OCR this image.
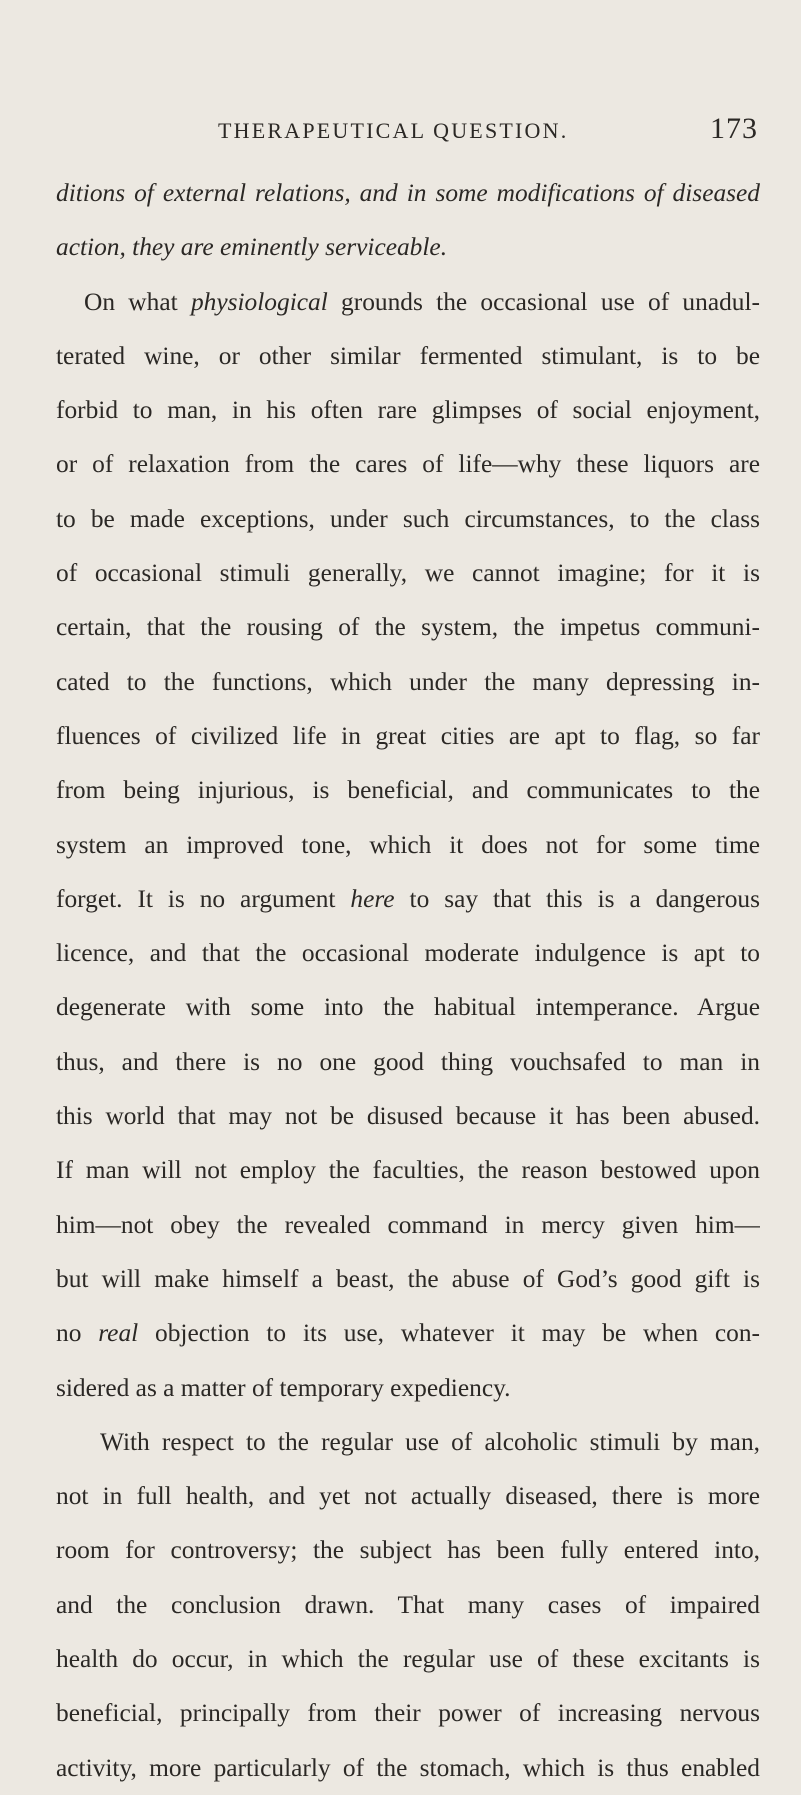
THERAPEUTICAL QUESTION.	173
ditions of external relations, and in some modifications of diseased
action, they are eminently serviceable.
On what physiological grounds the occasional use of unadul-
terated wine, or other similar fermented stimulant, is to be
forbid to man, in his often rare glimpses of social enjoyment,
or of relaxation from the cares of life—why these liquors are
to be made exceptions, under such circumstances, to the class
of occasional stimuli generally, we cannot imagine; for it is
certain, that the rousing of the system, the impetus communi-
cated to the functions, which under the many depressing in-
fluences of civilized life in great cities are apt to flag, so far
from being injurious, is beneficial, and communicates to the
system an improved tone, which it does not for some time
forget. It is no argument here to say that this is a dangerous
licence, and that the occasional moderate indulgence is apt to
degenerate with some into the habitual intemperance. Argue
thus, and there is no one good thing vouchsafed to man in
this world that may not be disused because it has been abused.
If man will not employ the faculties, the reason bestowed upon
him—not obey the revealed command in mercy given him—
but will make himself a beast, the abuse of God’s good gift is
no real objection to its use, whatever it may be when con-
sidered as a matter of temporary expediency.
With respect to the regular use of alcoholic stimuli by man,
not in full health, and yet not actually diseased, there is more
room for controversy; the subject has been fully entered into,
and the conclusion drawn. That many cases of impaired
health do occur, in which the regular use of these excitants is
beneficial, principally from their power of increasing nervous
activity, more particularly of the stomach, which is thus enabled
